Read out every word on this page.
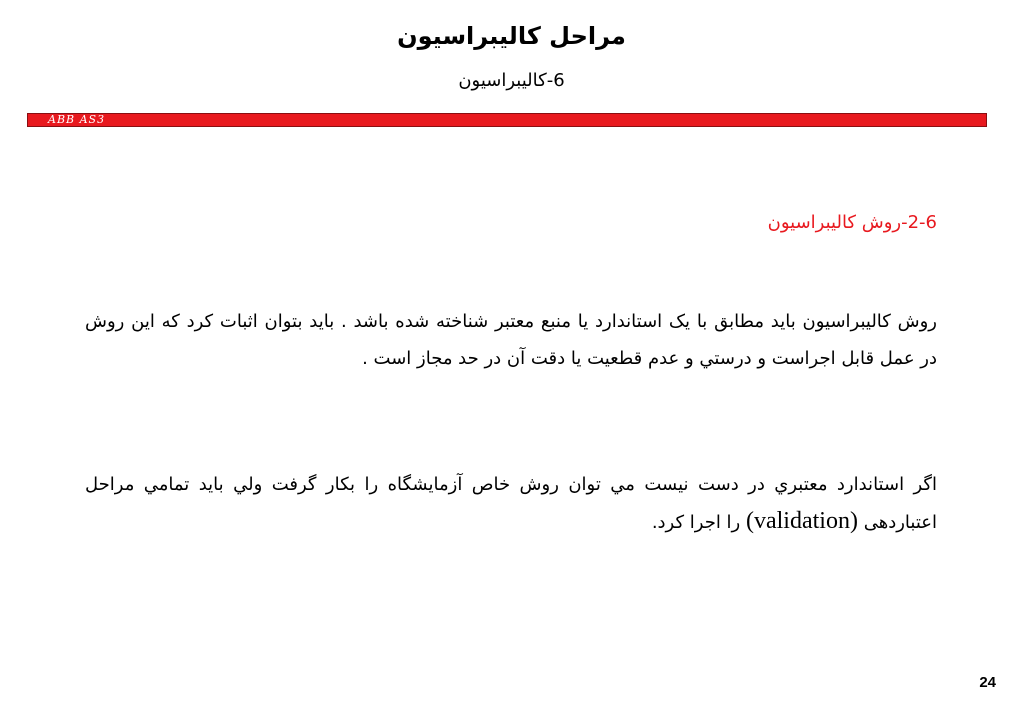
مراحل کالیبراسیون
6-کالیبراسیون
ABB AS3
2-6-روش کالیبراسیون
روش کالیبراسیون باید مطابق با یک استاندارد یا منبع معتبر شناخته شده باشد . باید بتوان اثبات کرد که این روش در عمل قابل اجراست و درستي و عدم قطعیت یا دقت آن در حد مجاز است .
اگر استاندارد معتبري در دست نیست مي توان روش خاص آزمایشگاه را بکار گرفت ولي باید تمامي مراحل اعتباردهی (validation) را اجرا کرد.
24
